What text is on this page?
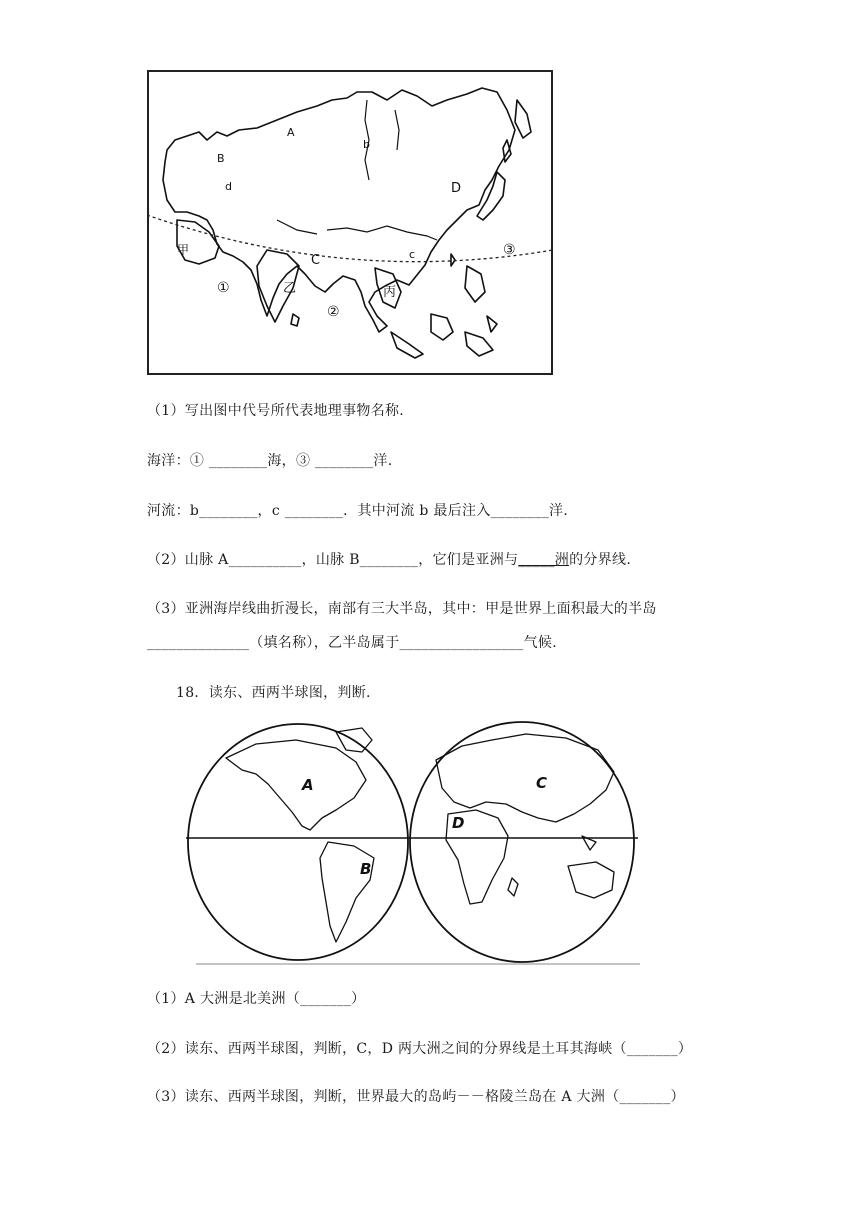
A
b
B
d	D
c
C
甲
乙	丙
①
②
③
（1）写出图中代号所代表地理事物名称.
海洋：① ________海，③ ________洋.
河流：b________，c ________．其中河流 b 最后注入________洋.
（2）山脉 A__________，山脉 B________，它们是亚洲与_____洲的分界线.
（3）亚洲海岸线曲折漫长，南部有三大半岛，其中：甲是世界上面积最大的半岛
______________（填名称），乙半岛属于_________________气候.
18．读东、西两半球图，判断.
A
B
C
D
（1）A 大洲是北美洲（_______）
（2）读东、西两半球图，判断，C，D 两大洲之间的分界线是土耳其海峡（_______）
（3）读东、西两半球图，判断，世界最大的岛屿－－格陵兰岛在 A 大洲（_______）
